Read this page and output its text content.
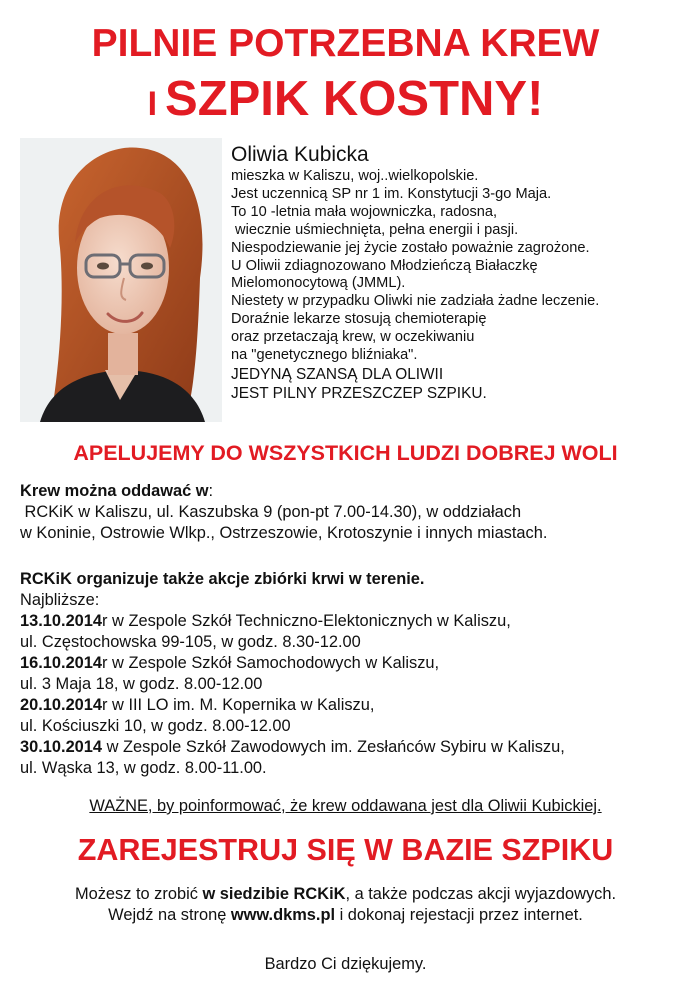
PILNIE POTRZEBNA KREW
I SZPIK KOSTNY!
Oliwia Kubicka
mieszka w Kaliszu, woj..wielkopolskie.
Jest uczennicą SP nr 1 im. Konstytucji 3-go Maja.
To 10 -letnia mała wojowniczka, radosna,
wiecznie uśmiechnięta, pełna energii i pasji.
Niespodziewanie jej życie zostało poważnie zagrożone.
U Oliwii zdiagnozowano Młodzieńczą Białaczkę
Mielomonocytową (JMML).
Niestety w przypadku Oliwki nie zadziała żadne leczenie.
Doraźnie lekarze stosują chemioterapię
oraz przetaczają krew, w oczekiwaniu
na "genetycznego bliźniaka".
JEDYNĄ SZANSĄ DLA OLIWII
JEST PILNY PRZESZCZEP SZPIKU.
APELUJEMY DO WSZYSTKICH LUDZI DOBREJ WOLI
Krew można oddawać w:
RCKiK w Kaliszu, ul. Kaszubska 9 (pon-pt 7.00-14.30), w oddziałach
w Koninie, Ostrowie Wlkp., Ostrzeszowie, Krotoszynie i innych miastach.
RCKiK organizuje także akcje zbiórki krwi w terenie.
Najbliższe:
13.10.2014r w Zespole Szkół Techniczno-Elektonicznych w Kaliszu,
ul. Częstochowska 99-105, w godz. 8.30-12.00
16.10.2014r w Zespole Szkół Samochodowych w Kaliszu,
ul. 3 Maja 18, w godz. 8.00-12.00
20.10.2014r w III LO im. M. Kopernika w Kaliszu,
ul. Kościuszki 10, w godz. 8.00-12.00
30.10.2014 w Zespole Szkół Zawodowych im. Zesłańców Sybiru w Kaliszu,
ul. Wąska 13, w godz. 8.00-11.00.
WAŻNE, by poinformować, że krew oddawana jest dla Oliwii Kubickiej.
ZAREJESTRUJ SIĘ W BAZIE SZPIKU
Możesz to zrobić w siedzibie RCKiK, a także podczas akcji wyjazdowych.
Wejdź na stronę www.dkms.pl i dokonaj rejestacji przez internet.
Bardzo Ci dziękujemy.
